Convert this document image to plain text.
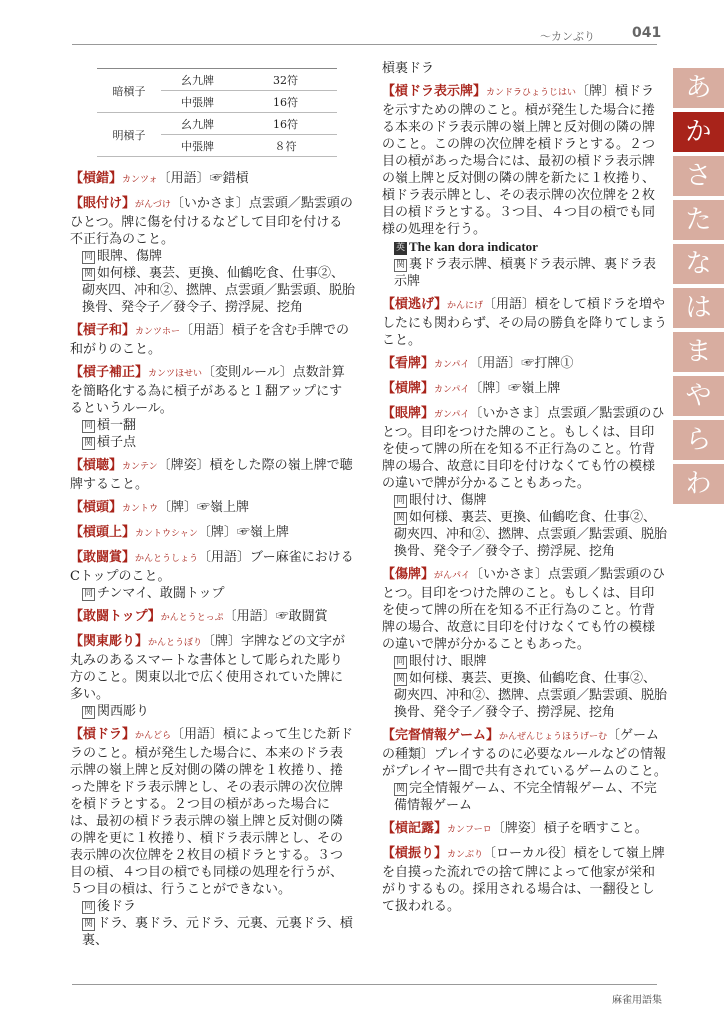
～カンぶり	041
あ
か
さ
た
な
は
ま
や
ら
わ
暗槓子	幺九牌	32符
	中張牌	16符
明槓子	幺九牌	16符
	中張牌	８符
【槓錯】カンツォ〔用語〕☞錯槓
【眼付け】がんづけ〔いかさま〕点雲頭／點雲頭のひとつ。牌に傷を付けるなどして目印を付ける不正行為のこと。
同 眼牌、傷牌
関 如何様、裏芸、更換、仙鶴吃食、仕事②、砌夾四、冲和②、撚牌、点雲頭／點雲頭、脱胎換骨、発令子／發令子、撈浮屍、挖角
【槓子和】カンツホー〔用語〕槓子を含む手牌での和がりのこと。
【槓子補正】カンツほせい〔変則ルール〕点数計算を簡略化する為に槓子があると１翻アップにするというルール。
同 槓一翻
関 槓子点
【槓聴】カンテン〔牌姿〕槓をした際の嶺上牌で聴牌すること。
【槓頭】カントウ〔牌〕☞嶺上牌
【槓頭上】カントウシャン〔牌〕☞嶺上牌
【敢闘賞】かんとうしょう〔用語〕ブー麻雀におけるCトップのこと。
同 チンマイ、敢闘トップ
【敢闘トップ】かんとうとっぷ〔用語〕☞敢闘賞
【関東彫り】かんとうぼり〔牌〕字牌などの文字が丸みのあるスマートな書体として彫られた彫り方のこと。関東以北で広く使用されていた牌に多い。
関 関西彫り
【槓ドラ】かんどら〔用語〕槓によって生じた新ドラのこと。槓が発生した場合に、本来のドラ表示牌の嶺上牌と反対側の隣の牌を１枚捲り、捲った牌をドラ表示牌とし、その表示牌の次位牌を槓ドラとする。２つ目の槓があった場合には、最初の槓ドラ表示牌の嶺上牌と反対側の隣の牌を更に１枚捲り、槓ドラ表示牌とし、その表示牌の次位牌を２枚目の槓ドラとする。３つ目の槓、４つ目の槓でも同様の処理を行うが、５つ目の槓は、行うことができない。
同 後ドラ
関 ドラ、裏ドラ、元ドラ、元裏、元裏ドラ、槓裏、
槓裏ドラ
【槓ドラ表示牌】カンドラひょうじはい〔牌〕槓ドラを示すための牌のこと。槓が発生した場合に捲る本来のドラ表示牌の嶺上牌と反対側の隣の牌のこと。この牌の次位牌を槓ドラとする。２つ目の槓があった場合には、最初の槓ドラ表示牌の嶺上牌と反対側の隣の牌を新たに１枚捲り、槓ドラ表示牌とし、その表示牌の次位牌を２枚目の槓ドラとする。３つ目、４つ目の槓でも同様の処理を行う。
英 The kan dora indicator
関 裏ドラ表示牌、槓裏ドラ表示牌、裏ドラ表示牌
【槓逃げ】かんにげ〔用語〕槓をして槓ドラを増やしたにも関わらず、その局の勝負を降りてしまうこと。
【看牌】カンパイ〔用語〕☞打牌①
【槓牌】カンパイ〔牌〕☞嶺上牌
【眼牌】ガンパイ〔いかさま〕点雲頭／點雲頭のひとつ。目印をつけた牌のこと。もしくは、目印を使って牌の所在を知る不正行為のこと。竹背牌の場合、故意に目印を付けなくても竹の模様の違いで牌が分かることもあった。
同 眼付け、傷牌
関 如何様、裏芸、更換、仙鶴吃食、仕事②、砌夾四、冲和②、撚牌、点雲頭／點雲頭、脱胎換骨、発令子／發令子、撈浮屍、挖角
【傷牌】がんパイ〔いかさま〕点雲頭／點雲頭のひとつ。目印をつけた牌のこと。もしくは、目印を使って牌の所在を知る不正行為のこと。竹背牌の場合、故意に目印を付けなくても竹の模様の違いで牌が分かることもあった。
同 眼付け、眼牌
関 如何様、裏芸、更換、仙鶴吃食、仕事②、砌夾四、冲和②、撚牌、点雲頭／點雲頭、脱胎換骨、発令子／發令子、撈浮屍、挖角
【完督情報ゲーム】かんぜんじょうほうげーむ〔ゲームの種類〕プレイするのに必要なルールなどの情報がプレイヤー間で共有されているゲームのこと。
関 完全情報ゲーム、不完全情報ゲーム、不完備情報ゲーム
【槓記露】カンフーロ〔牌姿〕槓子を晒すこと。
【槓振り】カンぶり〔ローカル役〕槓をして嶺上牌を自摸った流れでの捨て牌によって他家が栄和がりするもの。採用される場合は、一翻役として扱われる。
麻雀用語集
